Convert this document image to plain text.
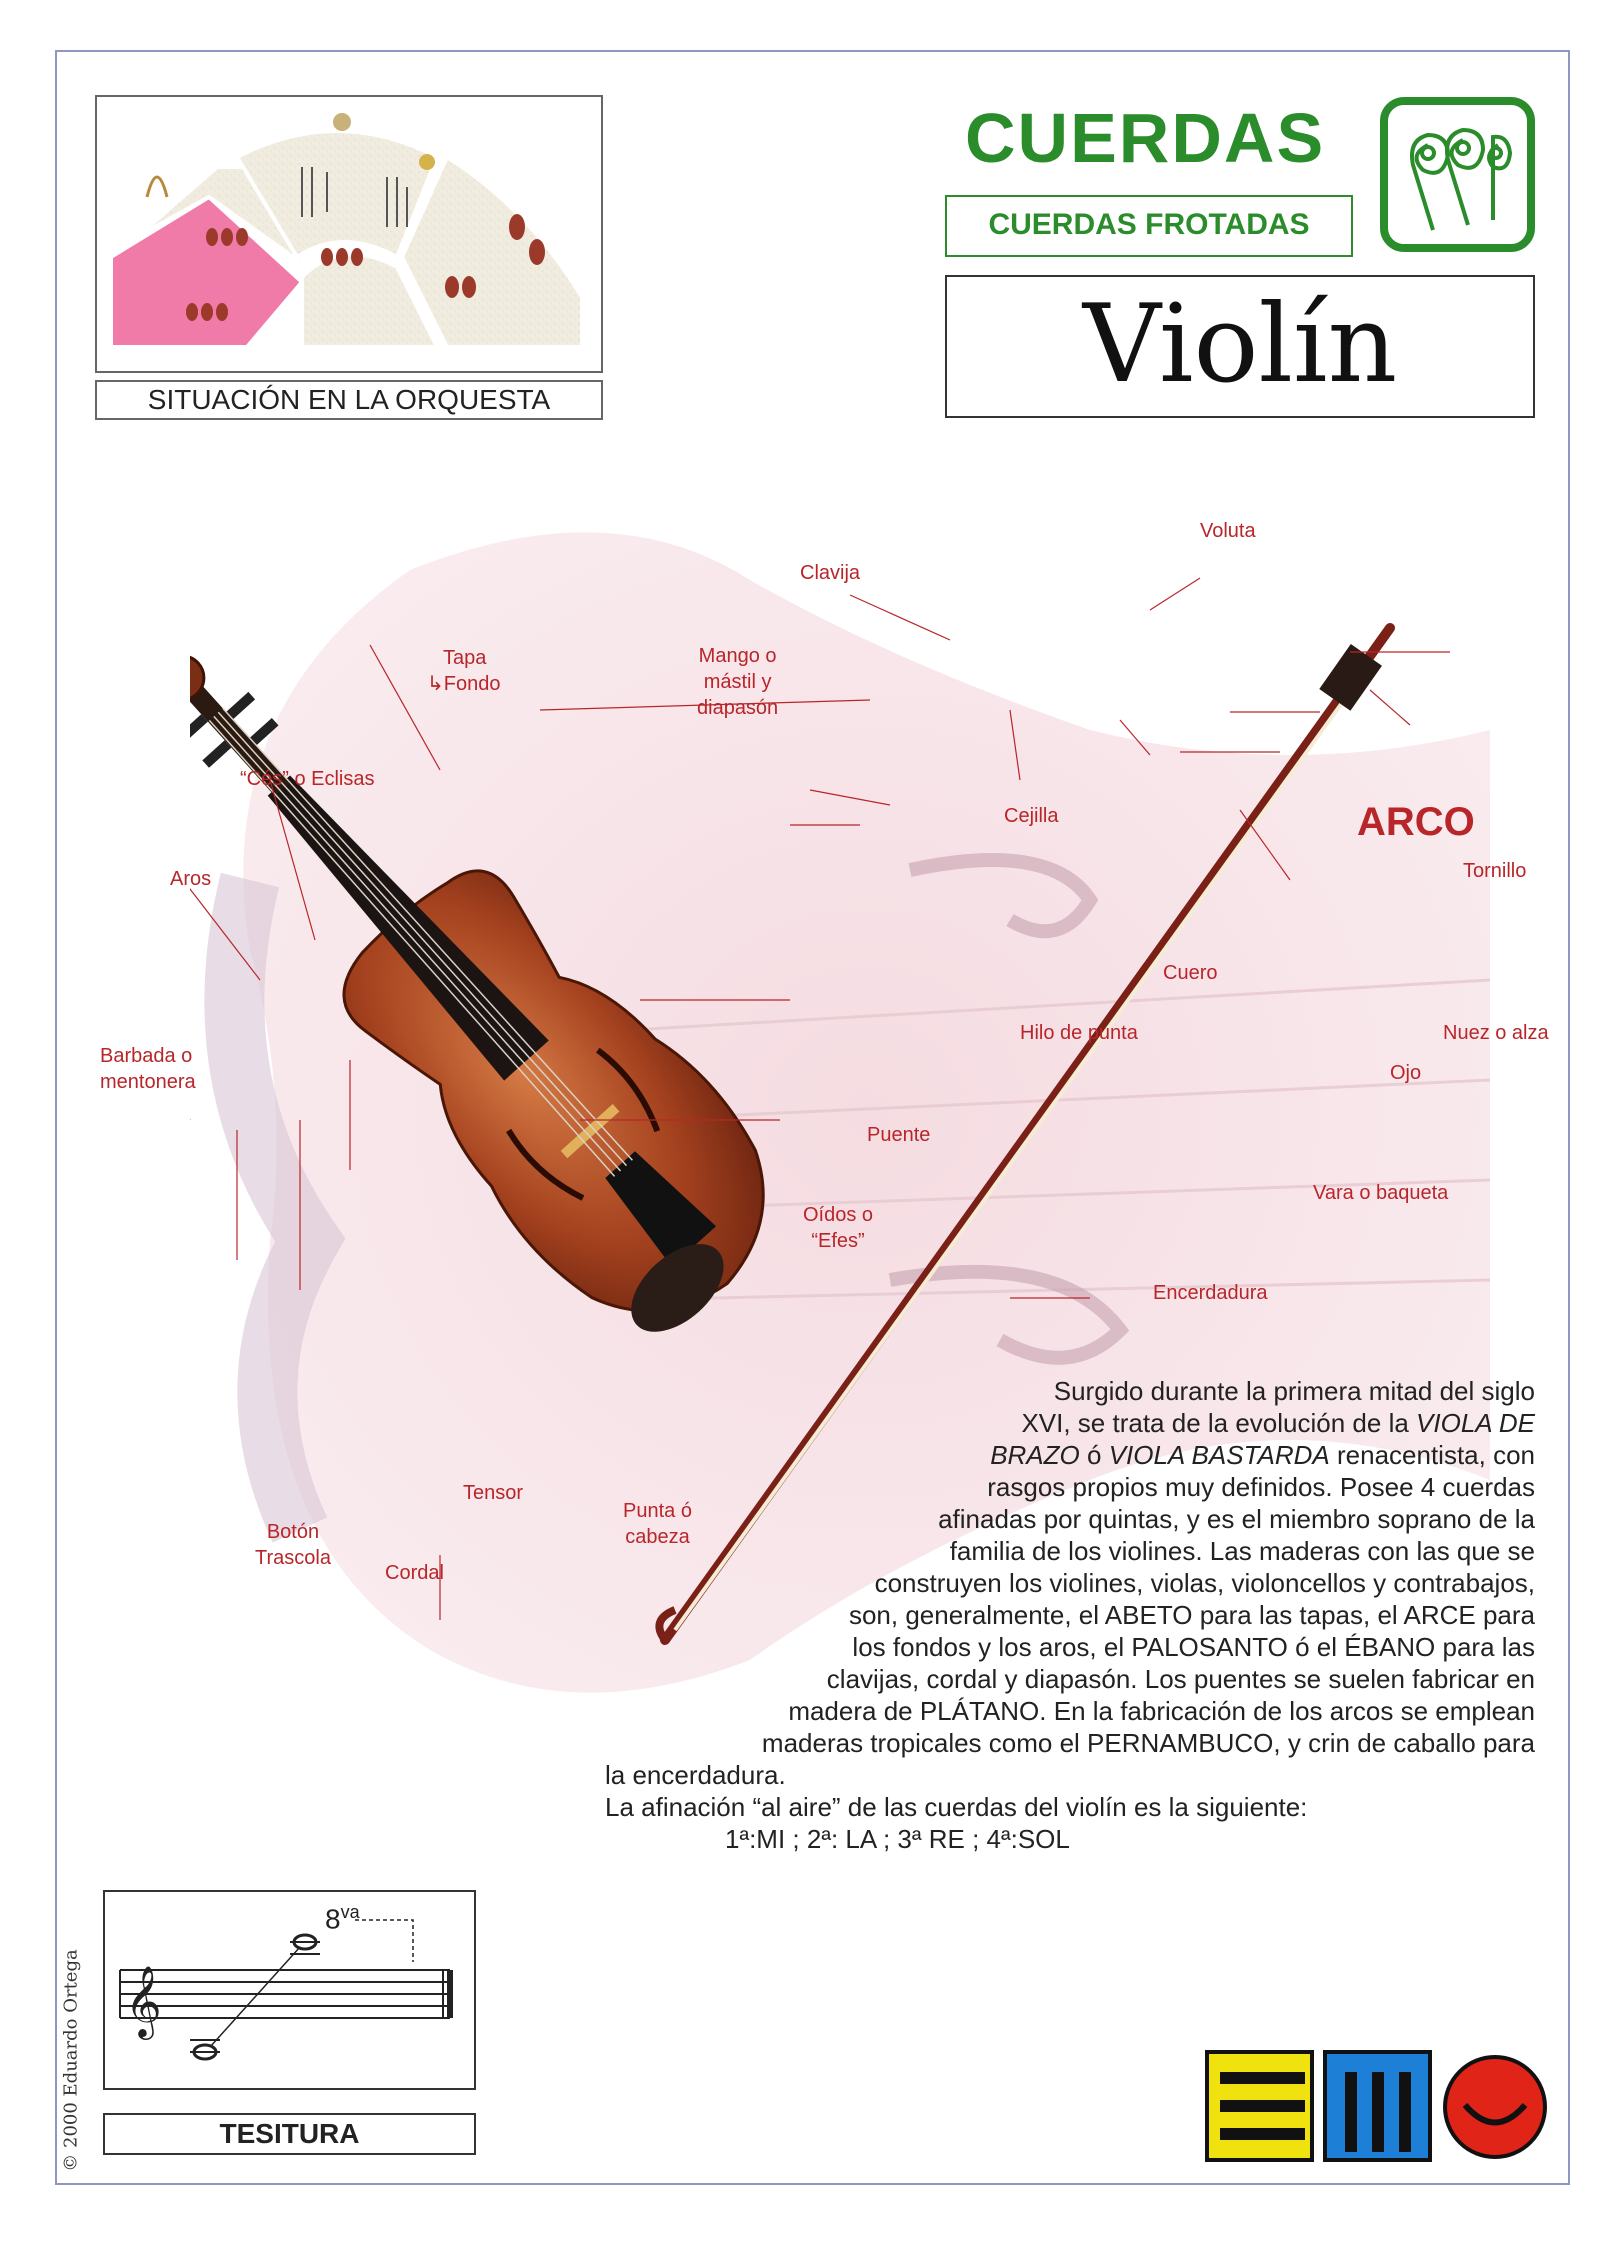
SITUACIÓN EN LA ORQUESTA
CUERDAS
CUERDAS FROTADAS
Violín
Voluta
Clavija
Tapa
↳Fondo
Mango o
mástil y
diapasón
“Cés” o Eclisas
Cejilla
Aros
Barbada o
mentonera
Puente
Oídos o
“Efes”
Tensor
Botón
Trascola
Cordal
Punta ó
cabeza
ARCO
Tornillo
Cuero
Hilo de punta	Nuez o alza
Ojo
Vara o baqueta
Encerdadura
Surgido durante la primera mitad del siglo
XVI, se trata de la evolución de la VIOLA DE
BRAZO ó VIOLA BASTARDA renacentista, con
rasgos propios muy definidos. Posee 4 cuerdas
afinadas por quintas, y es el miembro soprano de la
familia de los violines. Las maderas con las que se
construyen los violines, violas, violoncellos y contrabajos,
son, generalmente, el ABETO para las tapas, el ARCE para
los fondos y los aros, el PALOSANTO ó el ÉBANO para las
clavijas, cordal y diapasón. Los puentes se suelen fabricar en
madera de PLÁTANO. En la fabricación de los arcos se emplean
maderas tropicales como el PERNAMBUCO, y crin de caballo para
la encerdadura.
La afinación “al aire” de las cuerdas del violín es la siguiente:
1ª:MI ; 2ª: LA ; 3ª RE ; 4ª:SOL
𝄞
$8^{va}$
TESITURA
© 2000 Eduardo Ortega
